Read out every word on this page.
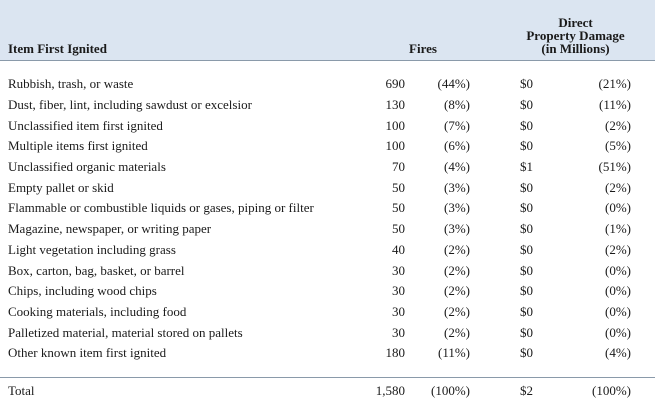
Item First Ignited	Fires		Direct
Property Damage
(in Millions)	

Rubbish, trash, or waste	690	(44%)	$0	(21%)
Dust, fiber, lint, including sawdust or excelsior	130	(8%)	$0	(11%)
Unclassified item first ignited	100	(7%)	$0	(2%)
Multiple items first ignited	100	(6%)	$0	(5%)
Unclassified organic materials	70	(4%)	$1	(51%)
Empty pallet or skid	50	(3%)	$0	(2%)
Flammable or combustible liquids or gases, piping or filter	50	(3%)	$0	(0%)
Magazine, newspaper, or writing paper	50	(3%)	$0	(1%)
Light vegetation including grass	40	(2%)	$0	(2%)
Box, carton, bag, basket, or barrel	30	(2%)	$0	(0%)
Chips, including wood chips	30	(2%)	$0	(0%)
Cooking materials, including food	30	(2%)	$0	(0%)
Palletized material, material stored on pallets	30	(2%)	$0	(0%)
Other known item first ignited	180	(11%)	$0	(4%)

Total	1,580	(100%)	$2	(100%)
